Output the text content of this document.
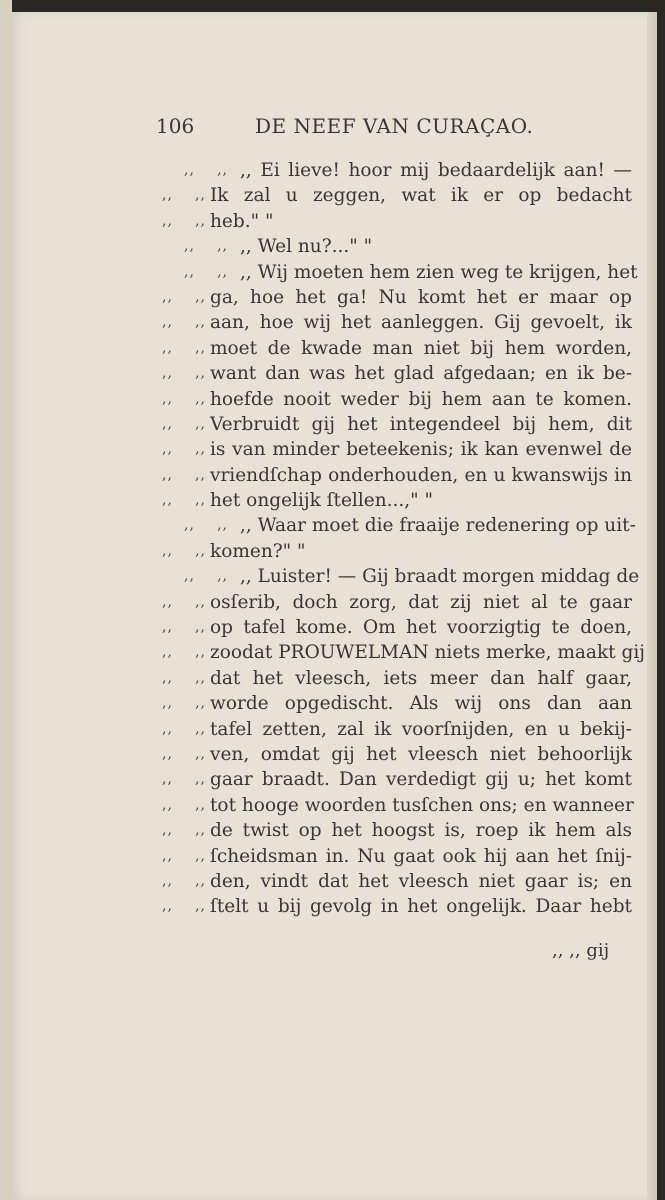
106	DE NEEF VAN CURAÇAO.
,, ,, ,, Ei lieve! hoor mij bedaardelijk aan! —
,, ,, Ik zal u zeggen, wat ik er op bedacht
,, ,, heb." "
,, ,, ,, Wel nu?..." "
,, ,, ,, Wij moeten hem zien weg te krijgen, het
,, ,, ga, hoe het ga! Nu komt het er maar op
,, ,, aan, hoe wij het aanleggen. Gij gevoelt, ik
,, ,, moet de kwade man niet bij hem worden,
,, ,, want dan was het glad afgedaan; en ik be-
,, ,, hoefde nooit weder bij hem aan te komen.
,, ,, Verbruidt gij het integendeel bij hem, dit
,, ,, is van minder beteekenis; ik kan evenwel de
,, ,, vriendſchap onderhouden, en u kwanswijs in
,, ,, het ongelijk ſtellen...," "
,, ,, ,, Waar moet die fraaije redenering op uit-
,, ,, komen?" "
,, ,, ,, Luister! — Gij braadt morgen middag de
,, ,, osſerib, doch zorg, dat zij niet al te gaar
,, ,, op tafel kome. Om het voorzigtig te doen,
,, ,, zoodat PROUWELMAN niets merke, maakt gij
,, ,, dat het vleesch, iets meer dan half gaar,
,, ,, worde opgedischt. Als wij ons dan aan
,, ,, tafel zetten, zal ik voorſnijden, en u bekij-
,, ,, ven, omdat gij het vleesch niet behoorlijk
,, ,, gaar braadt. Dan verdedigt gij u; het komt
,, ,, tot hooge woorden tusſchen ons; en wanneer
,, ,, de twist op het hoogst is, roep ik hem als
,, ,, ſcheidsman in. Nu gaat ook hij aan het ſnij-
,, ,, den, vindt dat het vleesch niet gaar is; en
,, ,, ſtelt u bij gevolg in het ongelijk. Daar hebt
,, ,, gij
